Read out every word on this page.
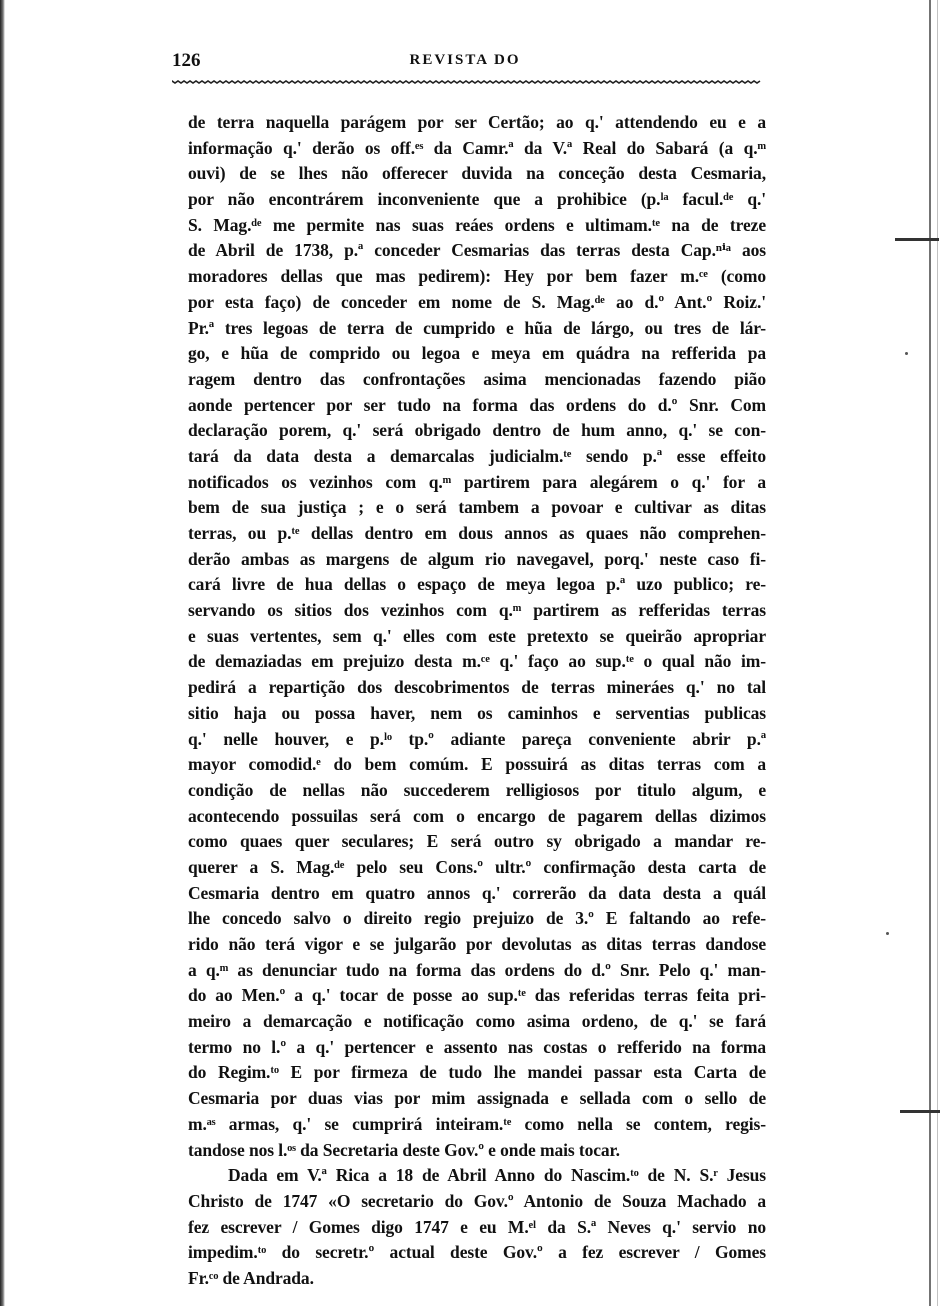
126	REVISTA DO
de terra naquella parágem por ser Certão; ao q.' attendendo eu e a
informação q.' derão os off.ᵉˢ da Camr.ª da V.ª Real do Sabará (a q.ᵐ
ouvi) de se lhes não offerecer duvida na conceção desta Cesmaria,
por não encontrárem inconveniente que a prohibice (p.ˡᵃ facul.ᵈᵉ q.'
S. Mag.ᵈᵉ me permite nas suas reáes ordens e ultimam.ᵗᵉ na de treze
de Abril de 1738, p.ª conceder Cesmarias das terras desta Cap.ⁿⁱᵃ aos
moradores dellas que mas pedirem): Hey por bem fazer m.ᶜᵉ (como
por esta faço) de conceder em nome de S. Mag.ᵈᵉ ao d.º Ant.º Roiz.'
Pr.ª tres legoas de terra de cumprido e hũa de lárgo, ou tres de lár-
go, e hũa de comprido ou legoa e meya em quádra na refferida pa
ragem dentro das confrontações asima mencionadas fazendo pião
aonde pertencer por ser tudo na forma das ordens do d.º Snr. Com
declaração porem, q.' será obrigado dentro de hum anno, q.' se con-
tará da data desta a demarcalas judicialm.ᵗᵉ sendo p.ª esse effeito
notificados os vezinhos com q.ᵐ partirem para alegárem o q.' for a
bem de sua justiça ; e o será tambem a povoar e cultivar as ditas
terras, ou p.ᵗᵉ dellas dentro em dous annos as quaes não comprehen-
derão ambas as margens de algum rio navegavel, porq.' neste caso fi-
cará livre de hua dellas o espaço de meya legoa p.ª uzo publico; re-
servando os sitios dos vezinhos com q.ᵐ partirem as refferidas terras
e suas vertentes, sem q.' elles com este pretexto se queirão apropriar
de demaziadas em prejuizo desta m.ᶜᵉ q.' faço ao sup.ᵗᵉ o qual não im-
pedirá a repartição dos descobrimentos de terras mineráes q.' no tal
sitio haja ou possa haver, nem os caminhos e serventias publicas
q.' nelle houver, e p.ˡᵒ tp.º adiante pareça conveniente abrir p.ª
mayor comodid.ᵉ do bem comúm. E possuirá as ditas terras com a
condição de nellas não succederem relligiosos por titulo algum, e
acontecendo possuilas será com o encargo de pagarem dellas dizimos
como quaes quer seculares; E será outro sy obrigado a mandar re-
querer a S. Mag.ᵈᵉ pelo seu Cons.º ultr.º confirmação desta carta de
Cesmaria dentro em quatro annos q.' correrão da data desta a quál
lhe concedo salvo o direito regio prejuizo de 3.º E faltando ao refe-
rido não terá vigor e se julgarão por devolutas as ditas terras dandose
a q.ᵐ as denunciar tudo na forma das ordens do d.º Snr. Pelo q.' man-
do ao Men.º a q.' tocar de posse ao sup.ᵗᵉ das referidas terras feita pri-
meiro a demarcação e notificação como asima ordeno, de q.' se fará
termo no l.º a q.' pertencer e assento nas costas o refferido na forma
do Regim.ᵗᵒ E por firmeza de tudo lhe mandei passar esta Carta de
Cesmaria por duas vias por mim assignada e sellada com o sello de
m.ᵃˢ armas, q.' se cumprirá inteiram.ᵗᵉ como nella se contem, regis-
tandose nos l.ᵒˢ da Secretaria deste Gov.º e onde mais tocar.
Dada em V.ª Rica a 18 de Abril Anno do Nascim.ᵗᵒ de N. S.ʳ Jesus
Christo de 1747 «O secretario do Gov.º Antonio de Souza Machado a
fez escrever / Gomes digo 1747 e eu M.ᵉˡ da S.ª Neves q.' servio no
impedim.ᵗᵒ do secretr.º actual deste Gov.º a fez escrever / Gomes
Fr.ᶜᵒ de Andrada.
